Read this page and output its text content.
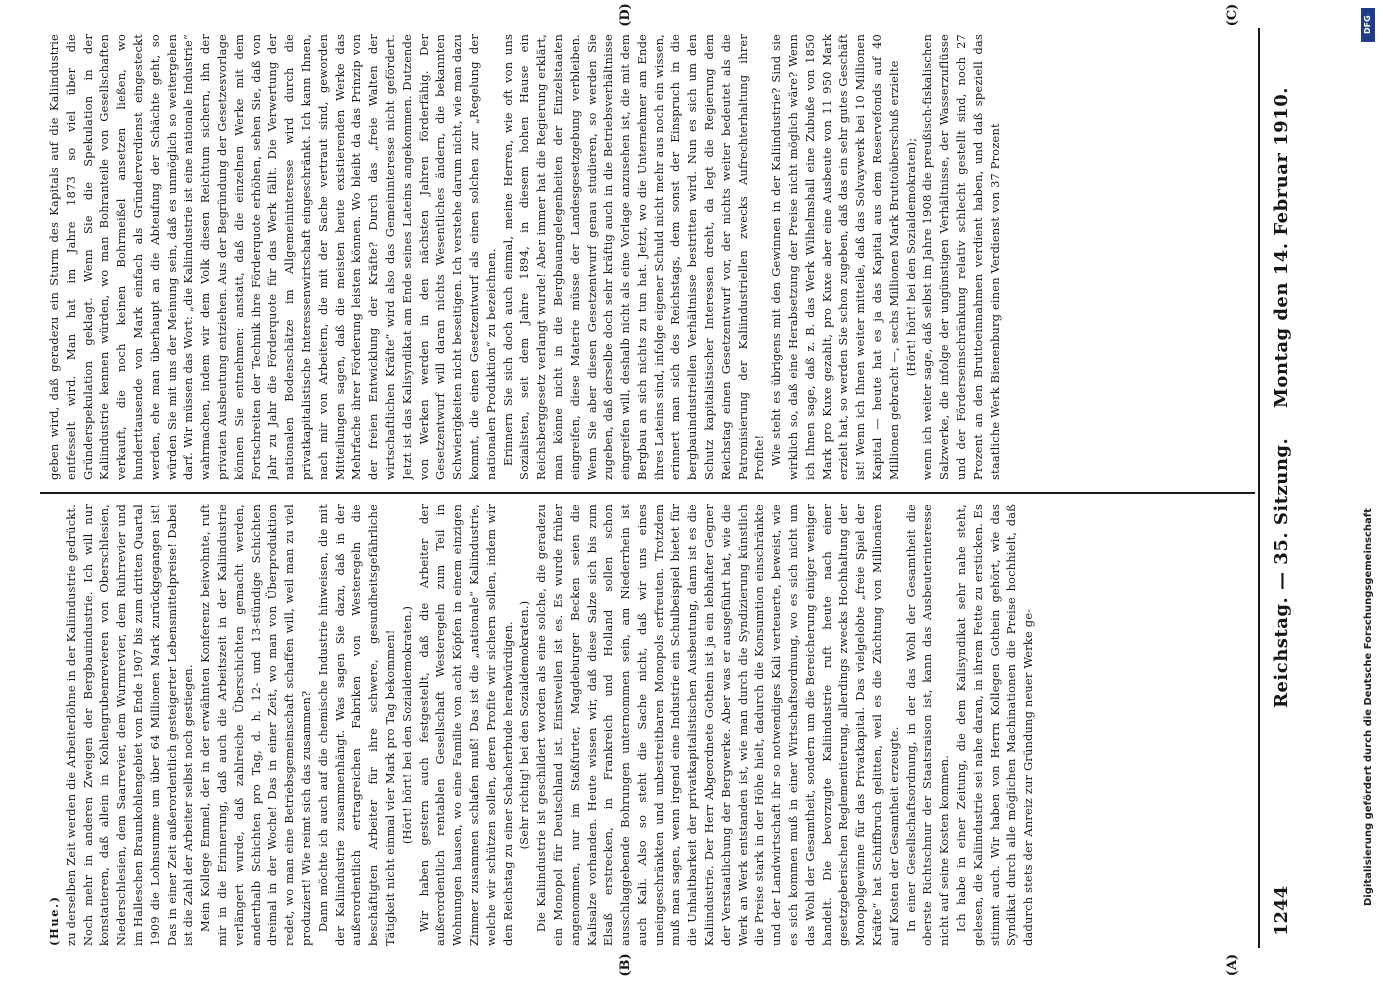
1244
Reichstag. — 35. Sitzung.
Montag den 14. Februar 1910.
(A)
(B)
(C)
(D)

(Hue.) zu derselben Zeit werden die Arbeiterlöhne in der Kaliindustrie gedrückt. Noch mehr in anderen Zweigen der Bergbauindustrie. Ich will nur konstatieren, daß allein in Kohlengrubenrevieren von Oberschlesien, Niederschlesien, dem Saarrevier, dem Wurmrevier, dem Ruhrrevier und im Halleschen Braunkohlengebiet von Ende 1907 bis zum dritten Quartal 1909 die Lohnsumme um über 64 Millionen Mark zurückgegangen ist! Das in einer Zeit außerordentlich gesteigerter Lebensmittelpreise! Dabei ist die Zahl der Arbeiter selbst noch gestiegen. Mein Kollege Emmel, der in der erwähnten Konferenz beiwohnte, ruft mir in die Erinnerung, daß auch die Arbeitszeit in der Kaliindustrie verlängert wurde, daß zahlreiche Überschichten gemacht werden, anderthalb Schichten pro Tag, d. h. 12- und 13-stündige Schichten dreimal in der Woche! Das in einer Zeit, wo man von Überproduktion redet, wo man eine Betriebsgemeinschaft schaffen will, weil man zu viel produziert! Wie reimt sich das zusammen? Dann möchte ich auch auf die chemische Industrie hinweisen, die mit der Kaliindustrie zusammenhängt. Was sagen Sie dazu, daß in der außerordentlich ertragreichen Fabriken von Westeregeln die beschäftigten Arbeiter für ihre schwere, gesundheitsgefährliche Tätigkeit nicht einmal vier Mark pro Tag bekommen! (Hört! hört! bei den Sozialdemokraten.) Wir haben gestern auch festgestellt, daß die Arbeiter der außerordentlich rentablen Gesellschaft Westeregeln zum Teil in Wohnungen hausen, wo eine Familie von acht Köpfen in einem einzigen Zimmer zusammen schlafen muß! Das ist die „nationale“ Kaliindustrie, welche wir schützen sollen, deren Profite wir sichern sollen, indem wir den Reichstag zu einer Schacherbude herabwürdigen. (Sehr richtig! bei den Sozialdemokraten.) Die Kaliindustrie ist geschildert worden als eine solche, die geradezu ein Monopol für Deutschland ist. Einstweilen ist es. Es wurde früher angenommen, nur im Staßfurter, Magdeburger Becken seien die Kalisalze vorhanden. Heute wissen wir, daß diese Salze sich bis zum Elsaß erstrecken, in Frankreich und Holland sollen schon ausschlaggebende Bohrungen unternommen sein, am Niederrhein ist auch Kali. Also so steht die Sache nicht, daß wir uns eines uneingeschränkten und unbestreitbaren Monopols erfreuten. Trotzdem muß man sagen, wenn irgend eine Industrie ein Schulbeispiel bietet für die Unhaltbarkeit der privatkapitalistischen Ausbeutung, dann ist es die Kaliindustrie. Der Herr Abgeordnete Gothein ist ja ein lebhafter Gegner der Verstaatlichung der Bergwerke. Aber was er ausgeführt hat, wie die Werk an Werk entstanden ist, wie man durch die Syndizierung künstlich die Preise stark in der Höhe hielt, dadurch die Konsumtion einschränkte und der Landwirtschaft ihr so notwendiges Kali verteuerte, beweist, wie es sich kommen muß in einer Wirtschaftsordnung, wo es sich nicht um das Wohl der Gesamtheit, sondern um die Bereicherung einiger weniger handelt. Die bevorzugte Kaliindustrie ruft heute nach einer gesetzgeberischen Reglementierung, allerdings zwecks Hochhaltung der Monopolgewinne für das Privatkapital. Das vielgelobte „freie Spiel der Kräfte“ hat Schiffbruch gelitten, weil es die Züchtung von Millionären auf Kosten der Gesamtheit erzeugte. In einer Gesellschaftsordnung, in der das Wohl der Gesamtheit die oberste Richtschnur der Staatsraison ist, kann das Ausbeuterinteresse nicht auf seine Kosten kommen. Ich habe in einer Zeitung, die dem Kalisyndikat sehr nahe steht, gelesen, die Kaliindustrie sei nahe daran, in ihrem Fette zu ersticken. Es stimmt auch. Wir haben von Herrn Kollegen Gothein gehört, wie das Syndikat durch alle möglichen Machinationen die Preise hochhielt, daß dadurch stets der Anreiz zur Gründung neuer Werke ge-

geben wird, daß geradezu ein Sturm des Kapitals auf die Kaliindustrie entfesselt wird. Man hat im Jahre 1873 so viel über die Gründerspekulation geklagt. Wenn Sie die Spekulation in der Kaliindustrie kennen würden, wo man Bohranteile von Gesellschaften verkauft, die noch keinen Bohrmeißel ansetzen ließen, wo hunderttausende von Mark einfach als Gründerverdienst eingesteckt werden, ehe man überhaupt an die Abteufung der Schächte geht, so würden Sie mit uns der Meinung sein, daß es unmöglich so weitergehen darf. Wir müssen das Wort: „die Kaliindustrie ist eine nationale Industrie“ wahrmachen, indem wir dem Volk diesen Reichtum sichern, ihn der privaten Ausbeutung entziehen. Aus der Begründung der Gesetzesvorlage können Sie entnehmen: anstatt, daß die einzelnen Werke mit dem Fortschreiten der Technik ihre Förderquote erhöhen, sehen Sie, daß von Jahr zu Jahr die Förderquote für das Werk fällt. Die Verwertung der nationalen Bodenschätze im Allgemeininteresse wird durch die privatkapitalistische Interessenwirtschaft eingeschränkt. Ich kann Ihnen, nach mir von Arbeitern, die mit der Sache vertraut sind, geworden Mitteilungen sagen, daß die meisten heute existierenden Werke das Mehrfache ihrer Förderung leisten können. Wo bleibt da das Prinzip von der freien Entwicklung der Kräfte? Durch das „freie Walten der wirtschaftlichen Kräfte“ wird also das Gemeininteresse nicht gefördert. Jetzt ist das Kalisyndikat am Ende seines Lateins angekommen. Dutzende von Werken werden in den nächsten Jahren förderfähig. Der Gesetzentwurf will daran nichts Wesentliches ändern, die bekannten Schwierigkeiten nicht beseitigen. Ich verstehe darum nicht, wie man dazu kommt, die einen Gesetzentwurf als einen solchen zur „Regelung der nationalen Produktion“ zu bezeichnen. Erinnern Sie sich doch auch einmal, meine Herren, wie oft von uns Sozialisten, seit dem Jahre 1894, in diesem hohen Hause ein Reichsberggesetz verlangt wurde! Aber immer hat die Regierung erklärt, man könne nicht in die Bergbauangelegenheiten der Einzelstaaten eingreifen, diese Materie müsse der Landesgesetzgebung verbleiben. Wenn Sie aber diesen Gesetzentwurf genau studieren, so werden Sie zugeben, daß derselbe doch sehr kräftig auch in die Betriebsverhältnisse eingreifen will, deshalb nicht als eine Vorlage anzusehen ist, die mit dem Bergbau an sich nichts zu tun hat. Jetzt, wo die Unternehmer am Ende ihres Lateins sind, infolge eigener Schuld nicht mehr aus noch ein wissen, erinnert man sich des Reichstags, dem sonst der Einspruch in die bergbauindustriellen Verhältnisse bestritten wird. Nun es sich um den Schutz kapitalistischer Interessen dreht, da legt die Regierung dem Reichstag einen Gesetzentwurf vor, der nichts weiter bedeutet als die Patronisierung der Kaliindustriellen zwecks Aufrechterhaltung ihrer Profite! Wie steht es übrigens mit den Gewinnen in der Kaliindustrie? Sind sie wirklich so, daß eine Herabsetzung der Preise nicht möglich wäre? Wenn ich Ihnen sage, daß z. B. das Werk Wilhelmshall eine Zubuße von 1850 Mark pro Kuxe gezahlt, pro Kuxe aber eine Ausbeute von 11 950 Mark erzielt hat, so werden Sie schon zugeben, daß das ein sehr gutes Geschäft ist! Wenn ich Ihnen weiter mitteile, daß das Solvaywerk bei 10 Millionen Kapital — heute hat es ja das Kapital aus dem Reservefonds auf 40 Millionen gebracht —, sechs Millionen Mark Bruttoüberschuß erzielte (Hört! hört! bei den Sozialdemokraten); wenn ich weiter sage, daß selbst im Jahre 1908 die preußisch-fiskalischen Salzwerke, die infolge der ungünstigen Verhältnisse, der Wasserzuflüsse und der Förderseinschränkung relativ schlecht gestellt sind, noch 27 Prozent an den Bruttoeinnahmen verdient haben, und daß speziell das staatliche Werk Bienenburg einen Verdienst von 37 Prozent

DFG
Digitalisierung gefördert durch die Deutsche Forschungsgemeinschaft
